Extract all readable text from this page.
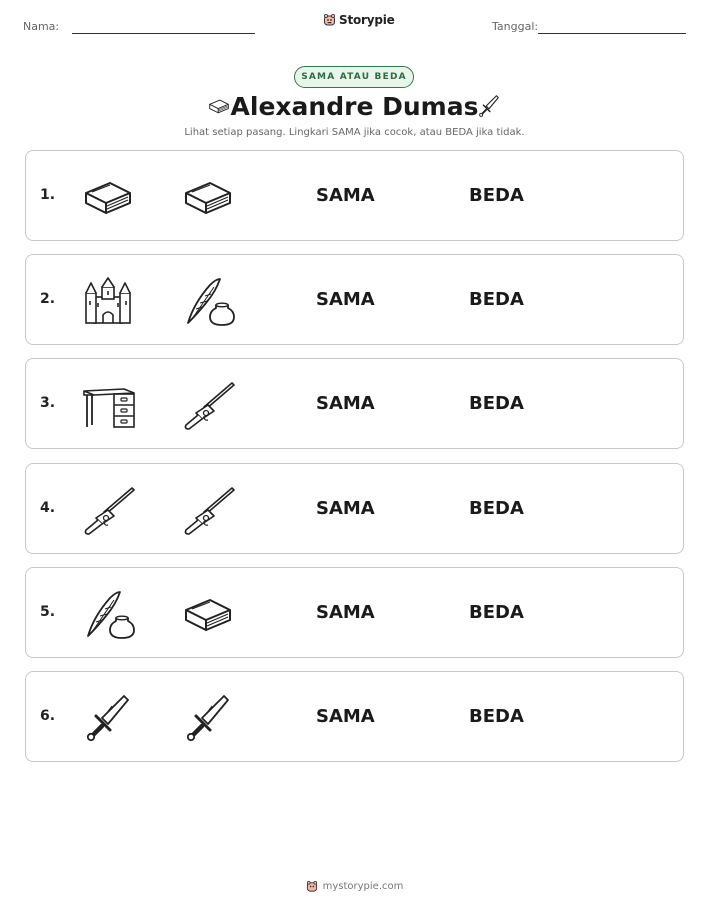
Nama:	Storypie	Tanggal:
SAMA ATAU BEDA
Alexandre Dumas
Lihat setiap pasang. Lingkari SAMA jika cocok, atau BEDA jika tidak.
1.	SAMA	BEDA
2.	SAMA	BEDA
3.	SAMA	BEDA
4.	SAMA	BEDA
5.	SAMA	BEDA
6.	SAMA	BEDA
mystorypie.com
